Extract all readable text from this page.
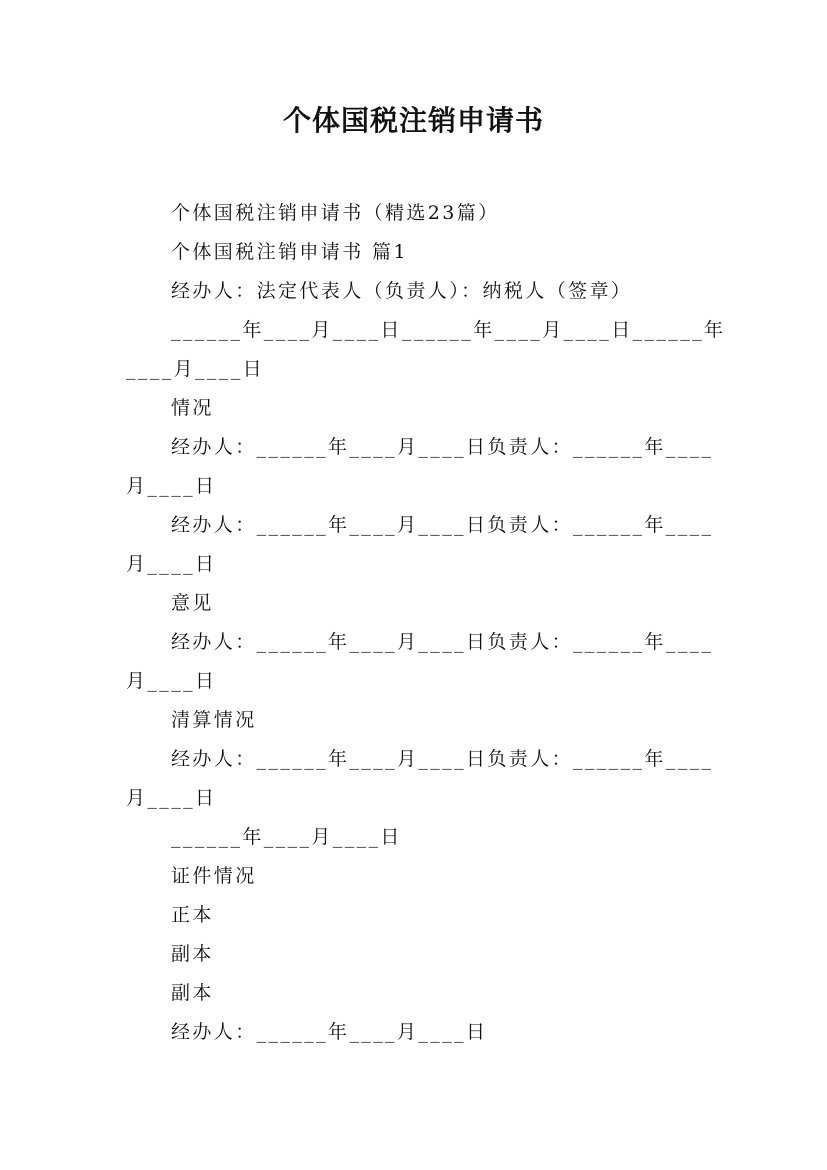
个体国税注销申请书
个体国税注销申请书（精选23篇）
个体国税注销申请书 篇1
经办人：法定代表人（负责人）：纳税人（签章）
______年____月____日______年____月____日______年
____月____日
情况
经办人：______年____月____日负责人：______年____
月____日
经办人：______年____月____日负责人：______年____
月____日
意见
经办人：______年____月____日负责人：______年____
月____日
清算情况
经办人：______年____月____日负责人：______年____
月____日
______年____月____日
证件情况
正本
副本
副本
经办人：______年____月____日
